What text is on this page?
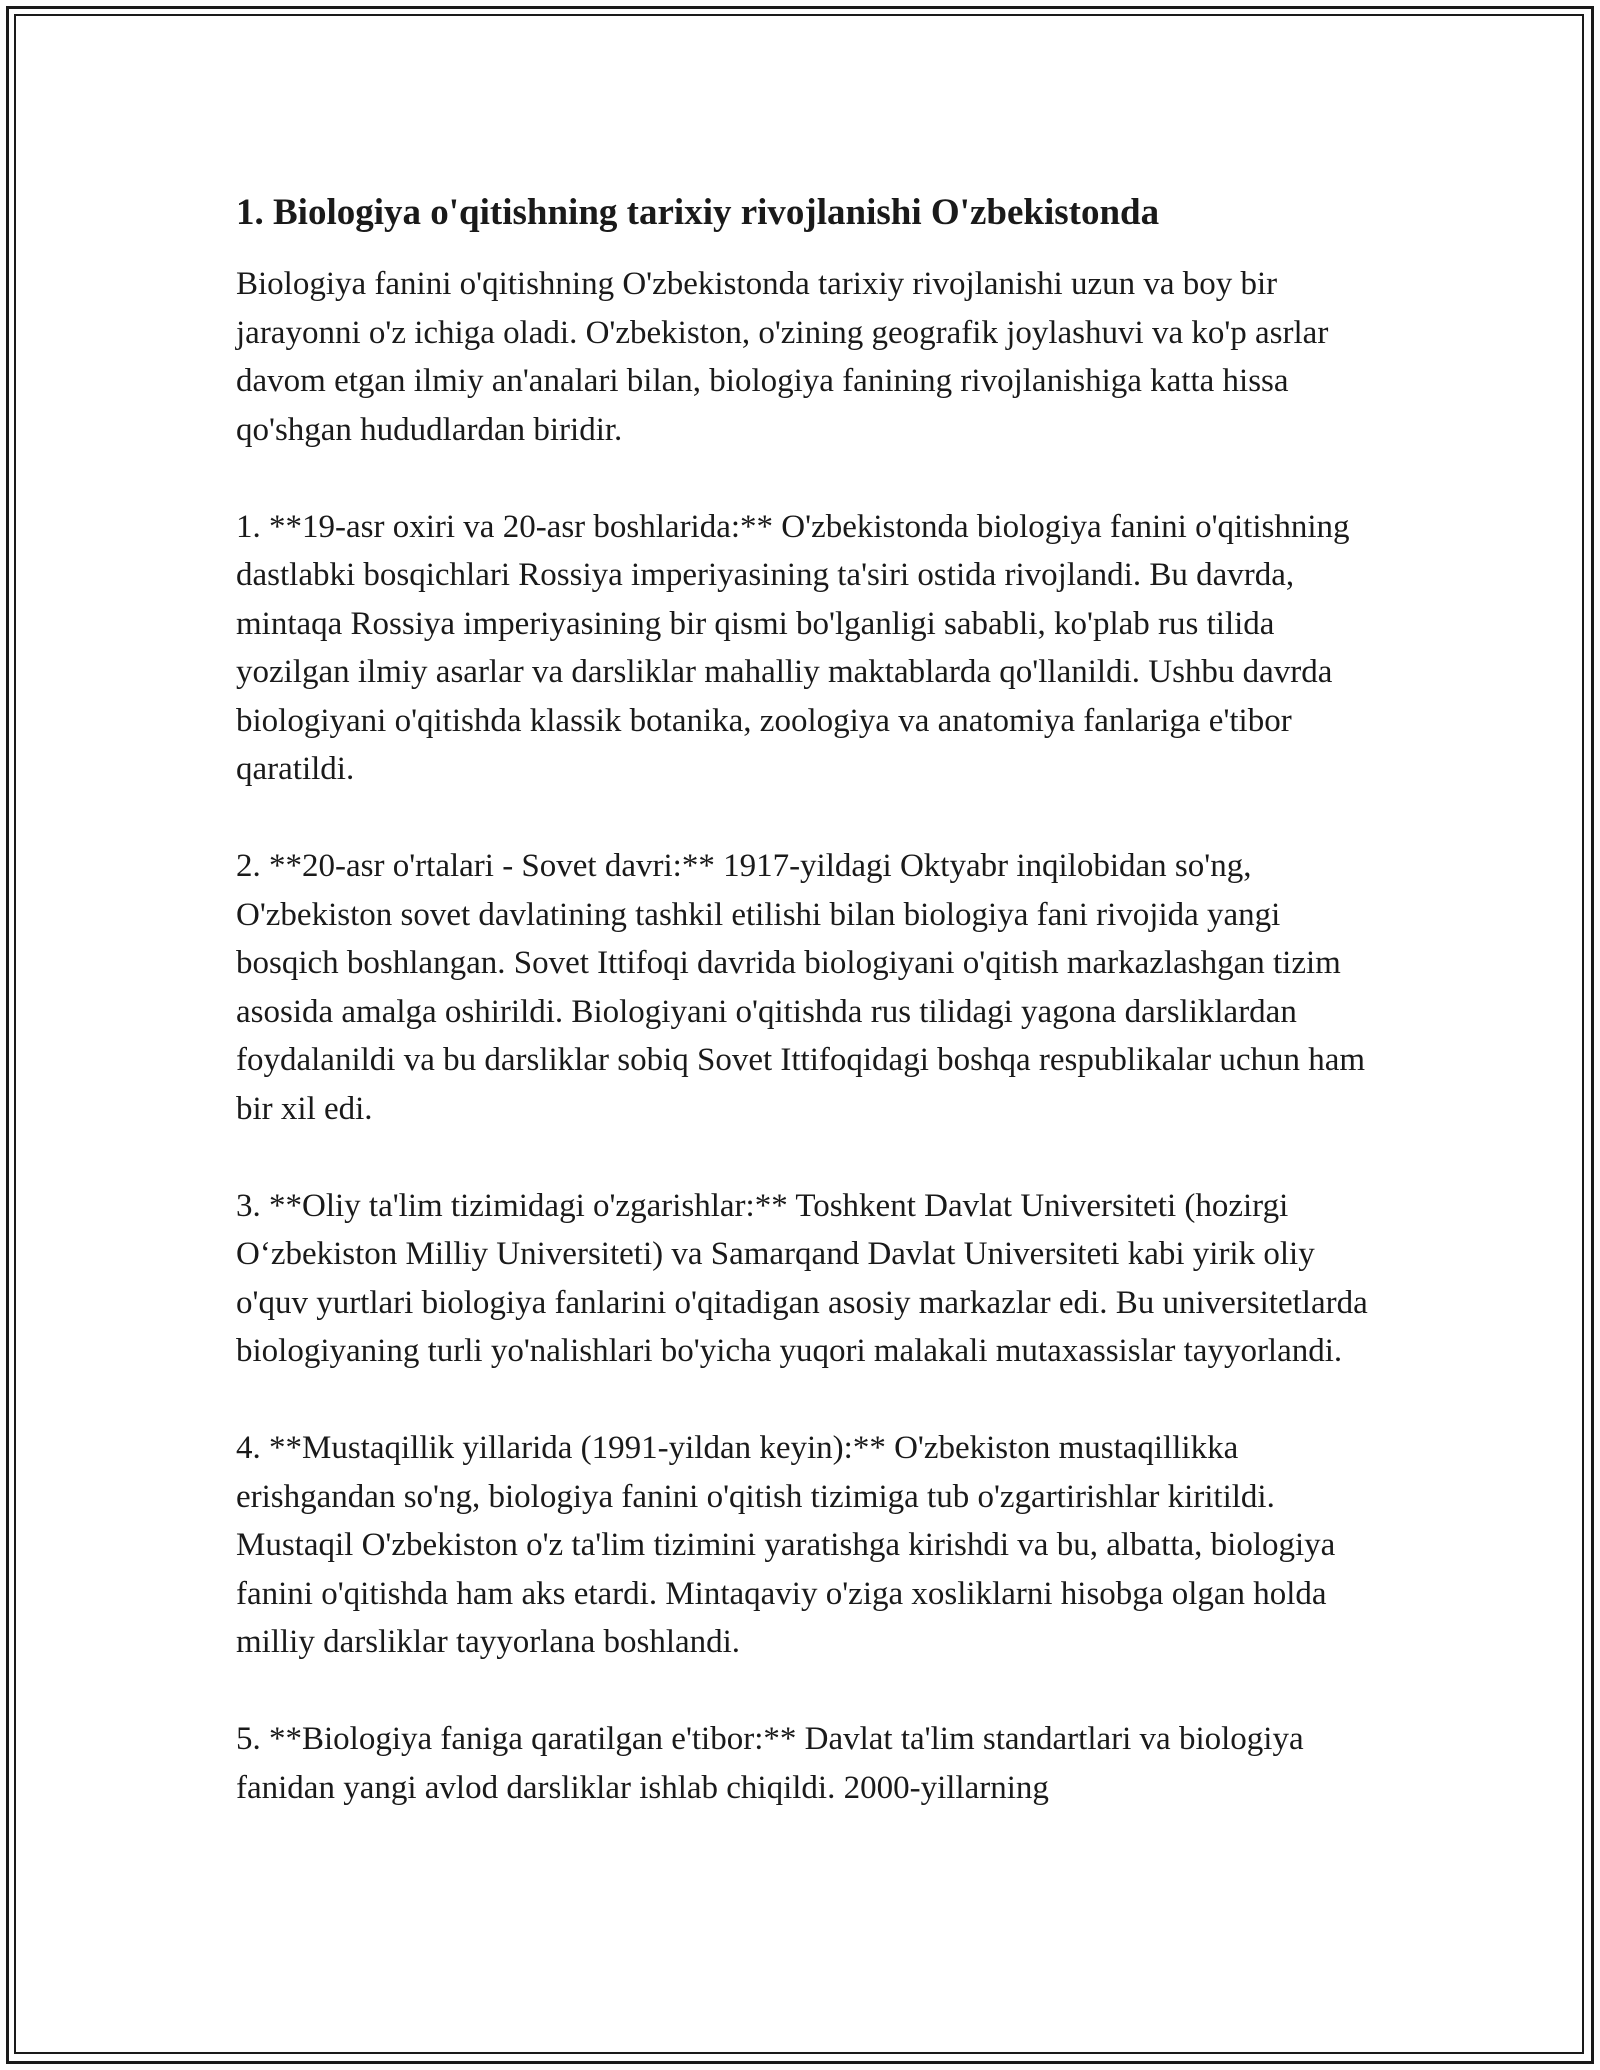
1. Biologiya o'qitishning tarixiy rivojlanishi O'zbekistonda

Biologiya fanini o'qitishning O'zbekistonda tarixiy rivojlanishi uzun va boy bir jarayonni o'z ichiga oladi. O'zbekiston, o'zining geografik joylashuvi va ko'p asrlar davom etgan ilmiy an'analari bilan, biologiya fanining rivojlanishiga katta hissa qo'shgan hududlardan biridir.

1. **19-asr oxiri va 20-asr boshlarida:** O'zbekistonda biologiya fanini o'qitishning dastlabki bosqichlari Rossiya imperiyasining ta'siri ostida rivojlandi. Bu davrda, mintaqa Rossiya imperiyasining bir qismi bo'lganligi sababli, ko'plab rus tilida yozilgan ilmiy asarlar va darsliklar mahalliy maktablarda qo'llanildi. Ushbu davrda biologiyani o'qitishda klassik botanika, zoologiya va anatomiya fanlariga e'tibor qaratildi.

2. **20-asr o'rtalari - Sovet davri:** 1917-yildagi Oktyabr inqilobidan so'ng, O'zbekiston sovet davlatining tashkil etilishi bilan biologiya fani rivojida yangi bosqich boshlangan. Sovet Ittifoqi davrida biologiyani o'qitish markazlashgan tizim asosida amalga oshirildi. Biologiyani o'qitishda rus tilidagi yagona darsliklardan foydalanildi va bu darsliklar sobiq Sovet Ittifoqidagi boshqa respublikalar uchun ham bir xil edi.

3. **Oliy ta'lim tizimidagi o'zgarishlar:** Toshkent Davlat Universiteti (hozirgi O‘zbekiston Milliy Universiteti) va Samarqand Davlat Universiteti kabi yirik oliy o'quv yurtlari biologiya fanlarini o'qitadigan asosiy markazlar edi. Bu universitetlarda biologiyaning turli yo'nalishlari bo'yicha yuqori malakali mutaxassislar tayyorlandi.

4. **Mustaqillik yillarida (1991-yildan keyin):** O'zbekiston mustaqillikka erishgandan so'ng, biologiya fanini o'qitish tizimiga tub o'zgartirishlar kiritildi. Mustaqil O'zbekiston o'z ta'lim tizimini yaratishga kirishdi va bu, albatta, biologiya fanini o'qitishda ham aks etardi. Mintaqaviy o'ziga xosliklarni hisobga olgan holda milliy darsliklar tayyorlana boshlandi.

5. **Biologiya faniga qaratilgan e'tibor:** Davlat ta'lim standartlari va biologiya fanidan yangi avlod darsliklar ishlab chiqildi. 2000-yillarning
